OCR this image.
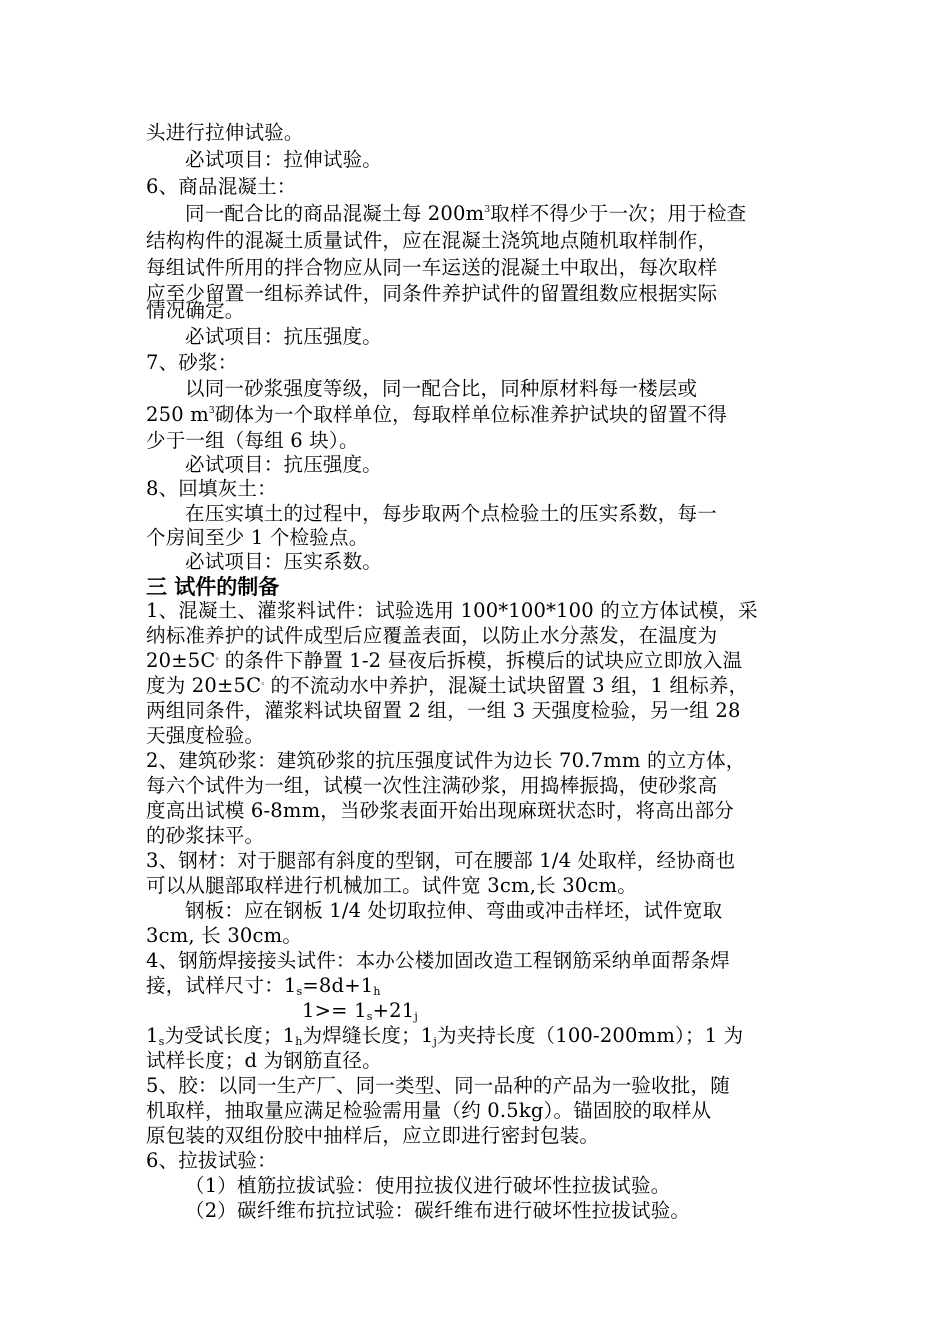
头进行拉伸试验。
必试项目：拉伸试验。
6、商品混凝土：
同一配合比的商品混凝土每 $200m^3$取样不得少于一次；用于检查
结构构件的混凝土质量试件，应在混凝土浇筑地点随机取样制作，
每组试件所用的拌合物应从同一车运送的混凝土中取出，每次取样
应至少留置一组标养试件，同条件养护试件的留置组数应根据实际
情况确定。
必试项目：抗压强度。
7、砂浆：
以同一砂浆强度等级，同一配合比，同种原材料每一楼层或
250 $m^3$砌体为一个取样单位，每取样单位标准养护试块的留置不得
少于一组（每组 6 块）。
必试项目：抗压强度。
8、回填灰土：
在压实填土的过程中，每步取两个点检验土的压实系数，每一
个房间至少 1 个检验点。
必试项目：压实系数。
三 试件的制备
1、混凝土、灌浆料试件：试验选用 100*100*100 的立方体试模，采
纳标准养护的试件成型后应覆盖表面，以防止水分蒸发，在温度为
20±5C。的条件下静置 1-2 昼夜后拆模，拆模后的试块应立即放入温
度为 20±5C。的不流动水中养护，混凝土试块留置 3 组，1 组标养，
两组同条件，灌浆料试块留置 2 组，一组 3 天强度检验，另一组 28
天强度检验。
2、建筑砂浆：建筑砂浆的抗压强度试件为边长 70.7mm 的立方体，
每六个试件为一组，试模一次性注满砂浆，用捣棒振捣，使砂浆高
度高出试模 6-8mm，当砂浆表面开始出现麻斑状态时，将高出部分
的砂浆抹平。
3、钢材：对于腿部有斜度的型钢，可在腰部 1/4 处取样，经协商也
可以从腿部取样进行机械加工。试件宽 3cm,长 30cm。
钢板：应在钢板 1/4 处切取拉伸、弯曲或冲击样坯，试件宽取
3cm, 长 30cm。
4、钢筋焊接接头试件：本办公楼加固改造工程钢筋采纳单面帮条焊
接，试样尺寸：$1_s=8d+1_h$
$1>= 1_s+21_j$
$1_s$为受试长度；$1_h$为焊缝长度；$1_j$为夹持长度（100-200mm）；1 为
试样长度；d 为钢筋直径。
5、胶：以同一生产厂、同一类型、同一品种的产品为一验收批，随
机取样，抽取量应满足检验需用量（约 0.5kg）。锚固胶的取样从
原包装的双组份胶中抽样后，应立即进行密封包装。
6、拉拔试验：
（1）植筋拉拔试验：使用拉拔仪进行破坏性拉拔试验。
（2）碳纤维布抗拉试验：碳纤维布进行破坏性拉拔试验。
